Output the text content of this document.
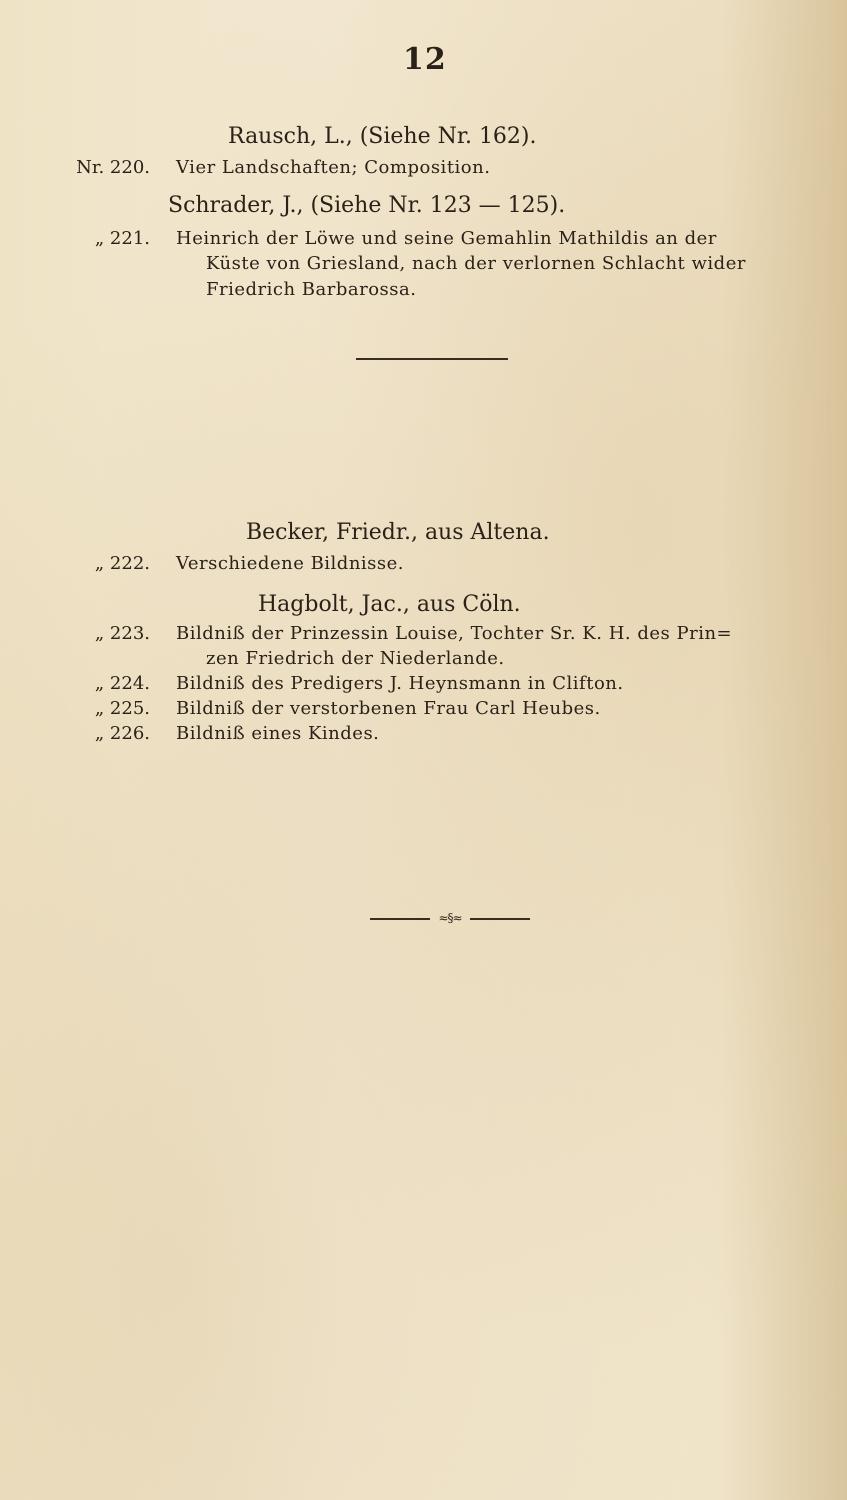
12
Rausch, L., (Siehe Nr. 162).
Nr. 220. Vier Landschaften; Composition.
Schrader, J., (Siehe Nr. 123 — 125).
„ 221. Heinrich der Löwe und seine Gemahlin Mathildis an der
Küste von Griesland, nach der verlornen Schlacht wider
Friedrich Barbarossa.
Becker, Friedr., aus Altena.
„ 222. Verschiedene Bildnisse.
Hagbolt, Jac., aus Cöln.
„ 223. Bildniß der Prinzessin Louise, Tochter Sr. K. H. des Prin=
zen Friedrich der Niederlande.
„ 224. Bildniß des Predigers J. Heynsmann in Clifton.
„ 225. Bildniß der verstorbenen Frau Carl Heubes.
„ 226. Bildniß eines Kindes.
≈§≈
